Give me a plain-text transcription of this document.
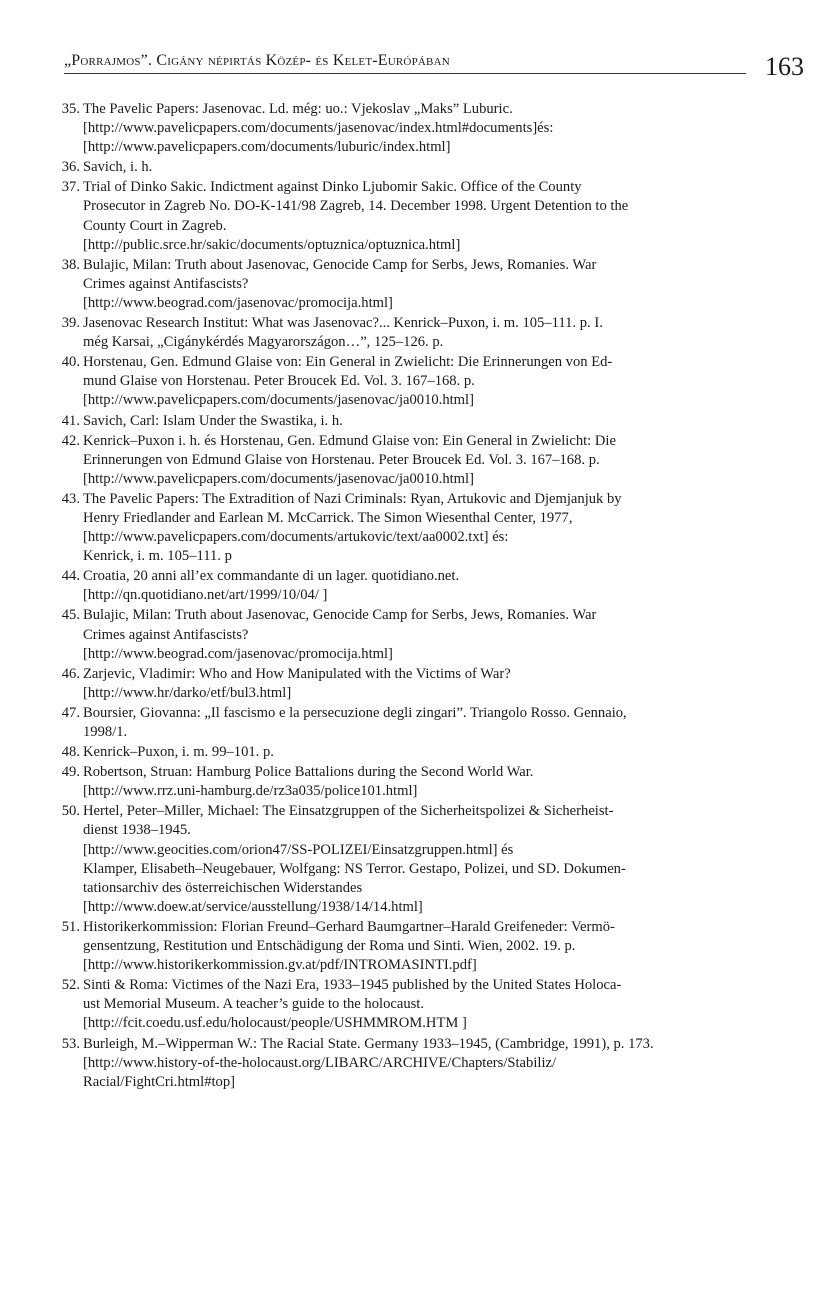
„Porrajmos”. Cigány népirtás Közép- és Kelet-Európában	163
35. The Pavelic Papers: Jasenovac. Ld. még: uo.: Vjekoslav „Maks” Luburic.
[http://www.pavelicpapers.com/documents/jasenovac/index.html#documents]és:
[http://www.pavelicpapers.com/documents/luburic/index.html]
36. Savich, i. h.
37. Trial of Dinko Sakic. Indictment against Dinko Ljubomir Sakic. Office of the County
Prosecutor in Zagreb No. DO-K-141/98 Zagreb, 14. December 1998. Urgent Detention to the
County Court in Zagreb.
[http://public.srce.hr/sakic/documents/optuznica/optuznica.html]
38. Bulajic, Milan: Truth about Jasenovac, Genocide Camp for Serbs, Jews, Romanies. War
Crimes against Antifascists?
[http://www.beograd.com/jasenovac/promocija.html]
39. Jasenovac Research Institut: What was Jasenovac?... Kenrick–Puxon, i. m. 105–111. p. I.
még Karsai, „Cigánykérdés Magyarországon…”, 125–126. p.
40. Horstenau, Gen. Edmund Glaise von: Ein General in Zwielicht: Die Erinnerungen von Ed-
mund Glaise von Horstenau. Peter Broucek Ed. Vol. 3. 167–168. p.
[http://www.pavelicpapers.com/documents/jasenovac/ja0010.html]
41. Savich, Carl: Islam Under the Swastika, i. h.
42. Kenrick–Puxon i. h. és Horstenau, Gen. Edmund Glaise von: Ein General in Zwielicht: Die
Erinnerungen von Edmund Glaise von Horstenau. Peter Broucek Ed. Vol. 3. 167–168. p.
[http://www.pavelicpapers.com/documents/jasenovac/ja0010.html]
43. The Pavelic Papers: The Extradition of Nazi Criminals: Ryan, Artukovic and Djemjanjuk by
Henry Friedlander and Earlean M. McCarrick. The Simon Wiesenthal Center, 1977,
[http://www.pavelicpapers.com/documents/artukovic/text/aa0002.txt] és:
Kenrick, i. m. 105–111. p
44. Croatia, 20 anni all’ex commandante di un lager. quotidiano.net.
[http://qn.quotidiano.net/art/1999/10/04/ ]
45. Bulajic, Milan: Truth about Jasenovac, Genocide Camp for Serbs, Jews, Romanies. War
Crimes against Antifascists?
[http://www.beograd.com/jasenovac/promocija.html]
46. Zarjevic, Vladimir: Who and How Manipulated with the Victims of War?
[http://www.hr/darko/etf/bul3.html]
47. Boursier, Giovanna: „Il fascismo e la persecuzione degli zingari”. Triangolo Rosso. Gennaio,
1998/1.
48. Kenrick–Puxon, i. m. 99–101. p.
49. Robertson, Struan: Hamburg Police Battalions during the Second World War.
[http://www.rrz.uni-hamburg.de/rz3a035/police101.html]
50. Hertel, Peter–Miller, Michael: The Einsatzgruppen of the Sicherheitspolizei & Sicherheist-
dienst 1938–1945.
[http://www.geocities.com/orion47/SS-POLIZEI/Einsatzgruppen.html] és
Klamper, Elisabeth–Neugebauer, Wolfgang: NS Terror. Gestapo, Polizei, und SD. Dokumen-
tationsarchiv des österreichischen Widerstandes
[http://www.doew.at/service/ausstellung/1938/14/14.html]
51. Historikerkommission: Florian Freund–Gerhard Baumgartner–Harald Greifeneder: Vermö-
gensentzung, Restitution und Entschädigung der Roma und Sinti. Wien, 2002. 19. p.
[http://www.historikerkommission.gv.at/pdf/INTROMASINTI.pdf]
52. Sinti & Roma: Victimes of the Nazi Era, 1933–1945 published by the United States Holoca-
ust Memorial Museum. A teacher’s guide to the holocaust.
[http://fcit.coedu.usf.edu/holocaust/people/USHMMROM.HTM ]
53. Burleigh, M.–Wipperman W.: The Racial State. Germany 1933–1945, (Cambridge, 1991), p. 173.
[http://www.history-of-the-holocaust.org/LIBARC/ARCHIVE/Chapters/Stabiliz/
Racial/FightCri.html#top]
